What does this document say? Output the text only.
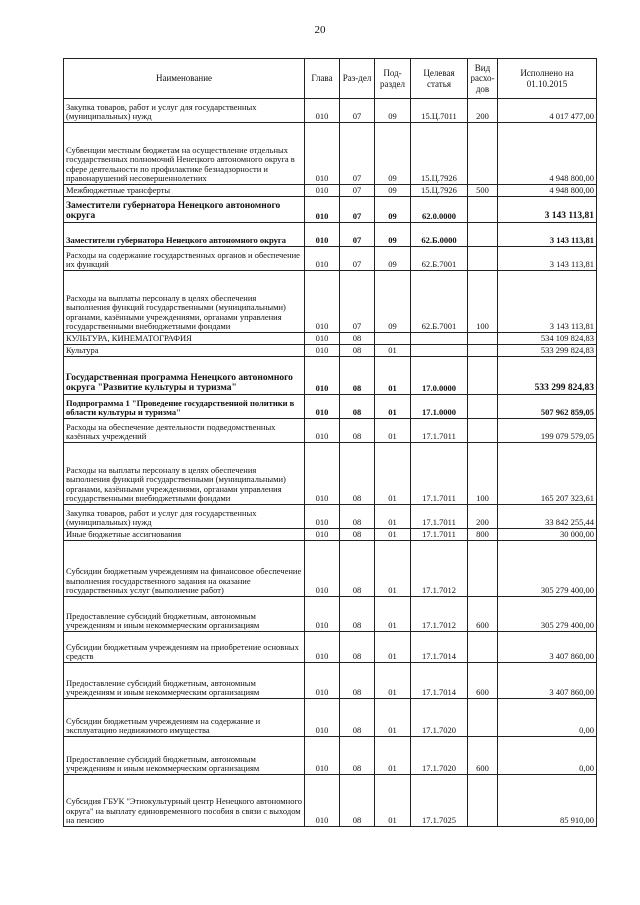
20
Наименование	Глава	Раз-дел	Под-раздел	Целевая статья	Вид расхо-дов	Исполнено на 01.10.2015
Закупка товаров, работ и услуг для государственных (муниципальных) нужд	010	07	09	15.Ц.7011	200	4 017 477,00
Субвенции местным бюджетам на осуществление отдельных государственных полномочий Ненецкого автономного округа в сфере деятельности по профилактике безнадзорности и правонарушений несовершеннолетних	010	07	09	15.Ц.7926		4 948 800,00
Межбюджетные трансферты	010	07	09	15.Ц.7926	500	4 948 800,00
Заместители губернатора Ненецкого автономного округа	010	07	09	62.0.0000		3 143 113,81
Заместители губернатора Ненецкого автономного округа	010	07	09	62.Б.0000		3 143 113,81
Расходы на содержание государственных органов и обеспечение их функций	010	07	09	62.Б.7001		3 143 113,81
Расходы на выплаты персоналу в целях обеспечения выполнения функций государственными (муниципальными) органами, казёнными учреждениями, органами управления государственными внебюджетными фондами	010	07	09	62.Б.7001	100	3 143 113,81
КУЛЬТУРА, КИНЕМАТОГРАФИЯ	010	08				534 109 824,83
Культура	010	08	01			533 299 824,83
Государственная программа Ненецкого автономного округа "Развитие культуры и туризма"	010	08	01	17.0.0000		533 299 824,83
Подпрограмма 1 "Проведение государственной политики в области культуры и туризма"	010	08	01	17.1.0000		507 962 859,05
Расходы на обеспечение деятельности подведомственных казённых учреждений	010	08	01	17.1.7011		199 079 579,05
Расходы на выплаты персоналу в целях обеспечения выполнения функций государственными (муниципальными) органами, казёнными учреждениями, органами управления государственными внебюджетными фондами	010	08	01	17.1.7011	100	165 207 323,61
Закупка товаров, работ и услуг для государственных (муниципальных) нужд	010	08	01	17.1.7011	200	33 842 255,44
Иные бюджетные ассигнования	010	08	01	17.1.7011	800	30 000,00
Субсидии бюджетным учреждениям на финансовое обеспечение выполнения государственного задания на оказание государственных услуг (выполнение работ)	010	08	01	17.1.7012		305 279 400,00
Предоставление субсидий бюджетным, автономным учреждениям и иным некоммерческим организациям	010	08	01	17.1.7012	600	305 279 400,00
Субсидии бюджетным учреждениям на приобретение основных средств	010	08	01	17.1.7014		3 407 860,00
Предоставление субсидий бюджетным, автономным учреждениям и иным некоммерческим организациям	010	08	01	17.1.7014	600	3 407 860,00
Субсидии бюджетным учреждениям на содержание и эксплуатацию недвижимого имущества	010	08	01	17.1.7020		0,00
Предоставление субсидий бюджетным, автономным учреждениям и иным некоммерческим организациям	010	08	01	17.1.7020	600	0,00
Субсидия ГБУК "Этнокультурный центр Ненецкого автономного округа" на выплату единовременного пособия в связи с выходом на пенсию	010	08	01	17.1.7025		85 910,00
